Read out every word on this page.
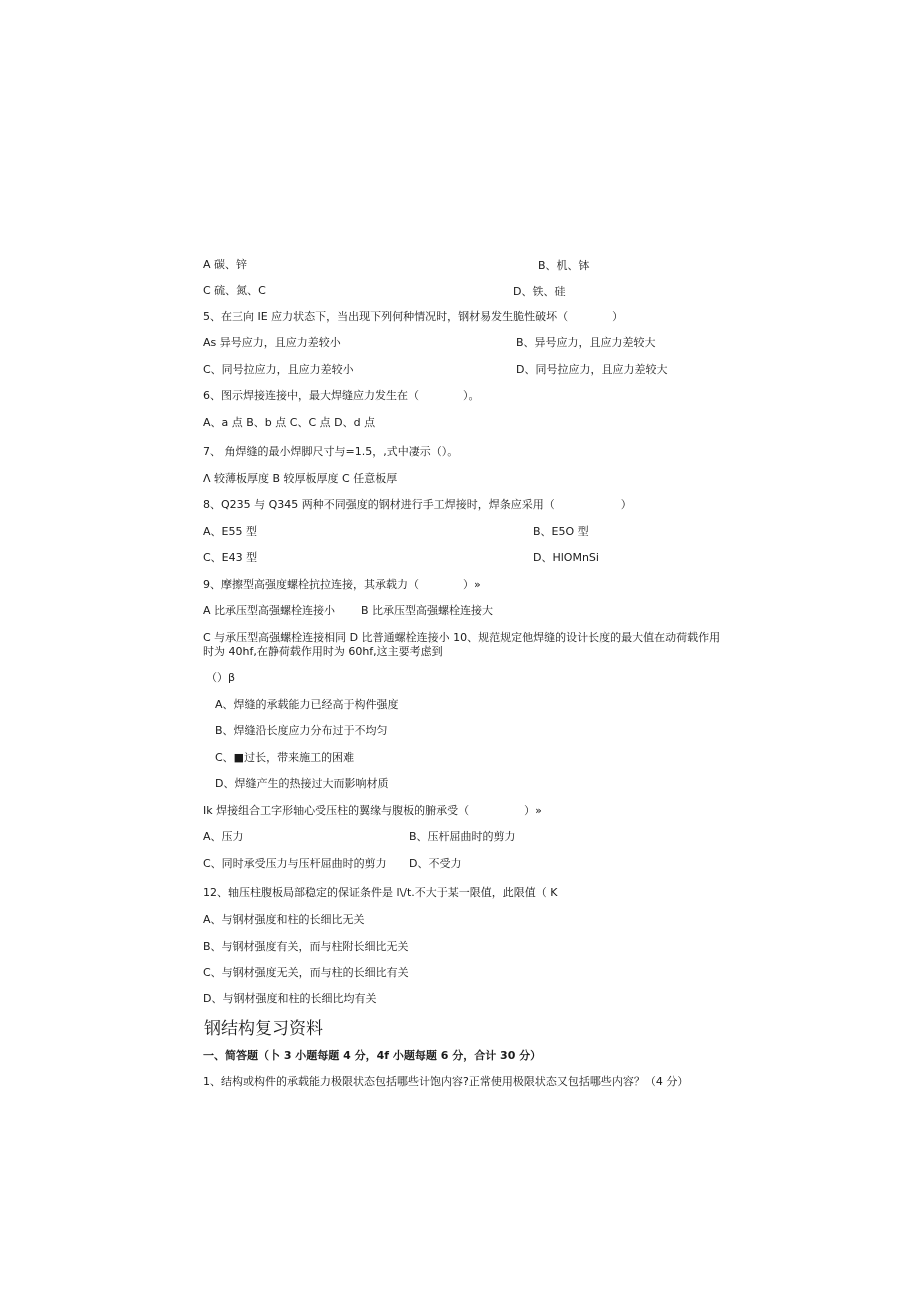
A 碳、锌	B、机、钵
C 硫、氮、C	D、铁、硅
5、在三向 IE 应力状态下，当出现下列何种情况时，钢材易发生脆性破坏（　　　　）
As 异号应力，且应力差较小	B、异号应力，且应力差较大
C、同号拉应力，且应力差较小	D、同号拉应力，且应力差较大
6、图示焊接连接中，最大焊缝应力发生在（　　　　）。
A、a 点 B、b 点 C、C 点 D、d 点
7、 角焊缝的最小焊脚尺寸与=1.5，,式中凄示（）。
Λ 较薄板厚度 B 较厚板厚度 C 任意板厚
8、Q235 与 Q345 两种不同强度的钢材进行手工焊接时，焊条应采用（　　　　　　）
A、E55 型	B、E5O 型
C、E43 型	D、HlOMnSi
9、摩擦型高强度螺栓抗拉连接，其承载力（　　　　）»
A 比承压型高强螺栓连接小 B 比承压型高强螺栓连接大
C 与承压型高强螺栓连接相同 D 比普通螺栓连接小 10、规范规定他焊缝的设计长度的最大值在动荷载作用时为 40hf,在静荷载作用时为 60hf,这主要考虑到
（）β
A、焊缝的承载能力已经高于构件强度
B、焊缝沿长度应力分布过于不均匀
C、■过长，带来施工的困难
D、焊缝产生的热接过大而影响材质
Ik 焊接组合工字形轴心受压柱的翼缘与腹板的腑承受（　　　　　）»
A、压力	B、压杆屈曲时的剪力
C、同时承受压力与压杆屈曲时的剪力 D、不受力
12、轴压柱腹板局部稳定的保证条件是 l\/t.不大于某一限值，此限值（ K
A、与钢材强度和柱的长细比无关
B、与钢材强度有关，而与柱附长细比无关
C、与钢材强度无关，而与柱的长细比有关
D、与钢材强度和柱的长细比均有关
钢结构复习资料
一、简答题（卜 3 小题每题 4 分，4f 小题每题 6 分，合计 30 分）
1、结构或构件的承载能力极限状态包括哪些计饱内容?正常使用极限状态又包括哪些内容？（4 分）
